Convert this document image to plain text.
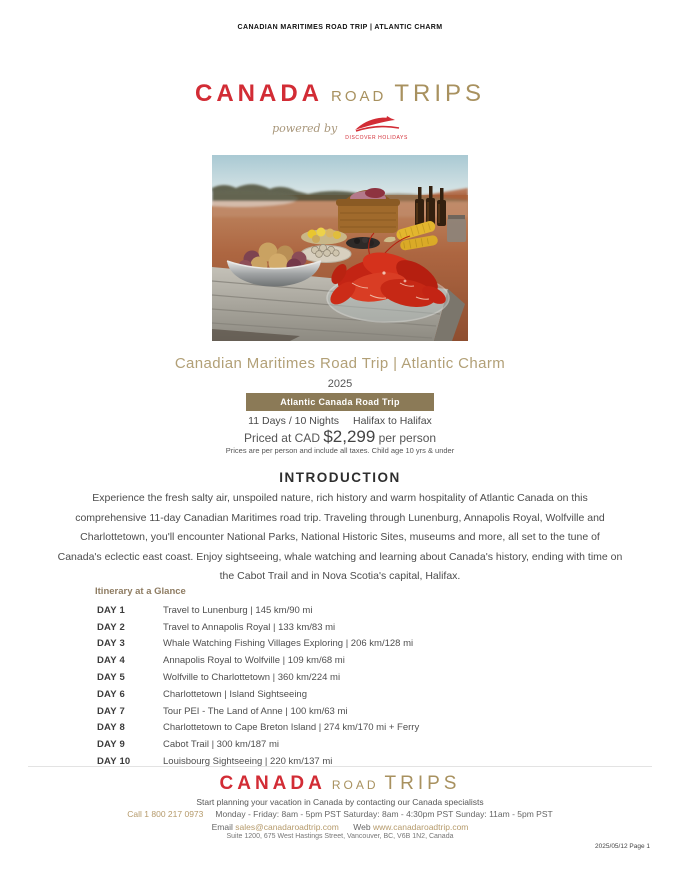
CANADIAN MARITIMES ROAD TRIP | ATLANTIC CHARM
CANADA ROAD TRIPS
powered by
DISCOVER HOLIDAYS
Canadian Maritimes Road Trip | Atlantic Charm
2025
Atlantic Canada Road Trip
11 Days / 10 Nights Halifax to Halifax
Priced at CAD $2,299 per person
Prices are per person and include all taxes. Child age 10 yrs & under
INTRODUCTION
Experience the fresh salty air, unspoiled nature, rich history and warm hospitality of Atlantic Canada on this comprehensive 11-day Canadian Maritimes road trip. Traveling through Lunenburg, Annapolis Royal, Wolfville and Charlottetown, you'll encounter National Parks, National Historic Sites, museums and more, all set to the tune of Canada's eclectic east coast. Enjoy sightseeing, whale watching and learning about Canada's history, ending with time on the Cabot Trail and in Nova Scotia's capital, Halifax.
Itinerary at a Glance
DAY 1	Travel to Lunenburg | 145 km/90 mi
DAY 2	Travel to Annapolis Royal | 133 km/83 mi
DAY 3	Whale Watching Fishing Villages Exploring | 206 km/128 mi
DAY 4	Annapolis Royal to Wolfville | 109 km/68 mi
DAY 5	Wolfville to Charlottetown | 360 km/224 mi
DAY 6	Charlottetown | Island Sightseeing
DAY 7	Tour PEI - The Land of Anne | 100 km/63 mi
DAY 8	Charlottetown to Cape Breton Island | 274 km/170 mi + Ferry
DAY 9	Cabot Trail | 300 km/187 mi
DAY 10	Louisbourg Sightseeing | 220 km/137 mi
CANADA ROAD TRIPS
Start planning your vacation in Canada by contacting our Canada specialists
Call 1 800 217 0973 Monday - Friday: 8am - 5pm PST Saturday: 8am - 4:30pm PST Sunday: 11am - 5pm PST
Email sales@canadaroadtrip.com Web www.canadaroadtrip.com
Suite 1200, 675 West Hastings Street, Vancouver, BC, V6B 1N2, Canada
2025/05/12 Page 1
